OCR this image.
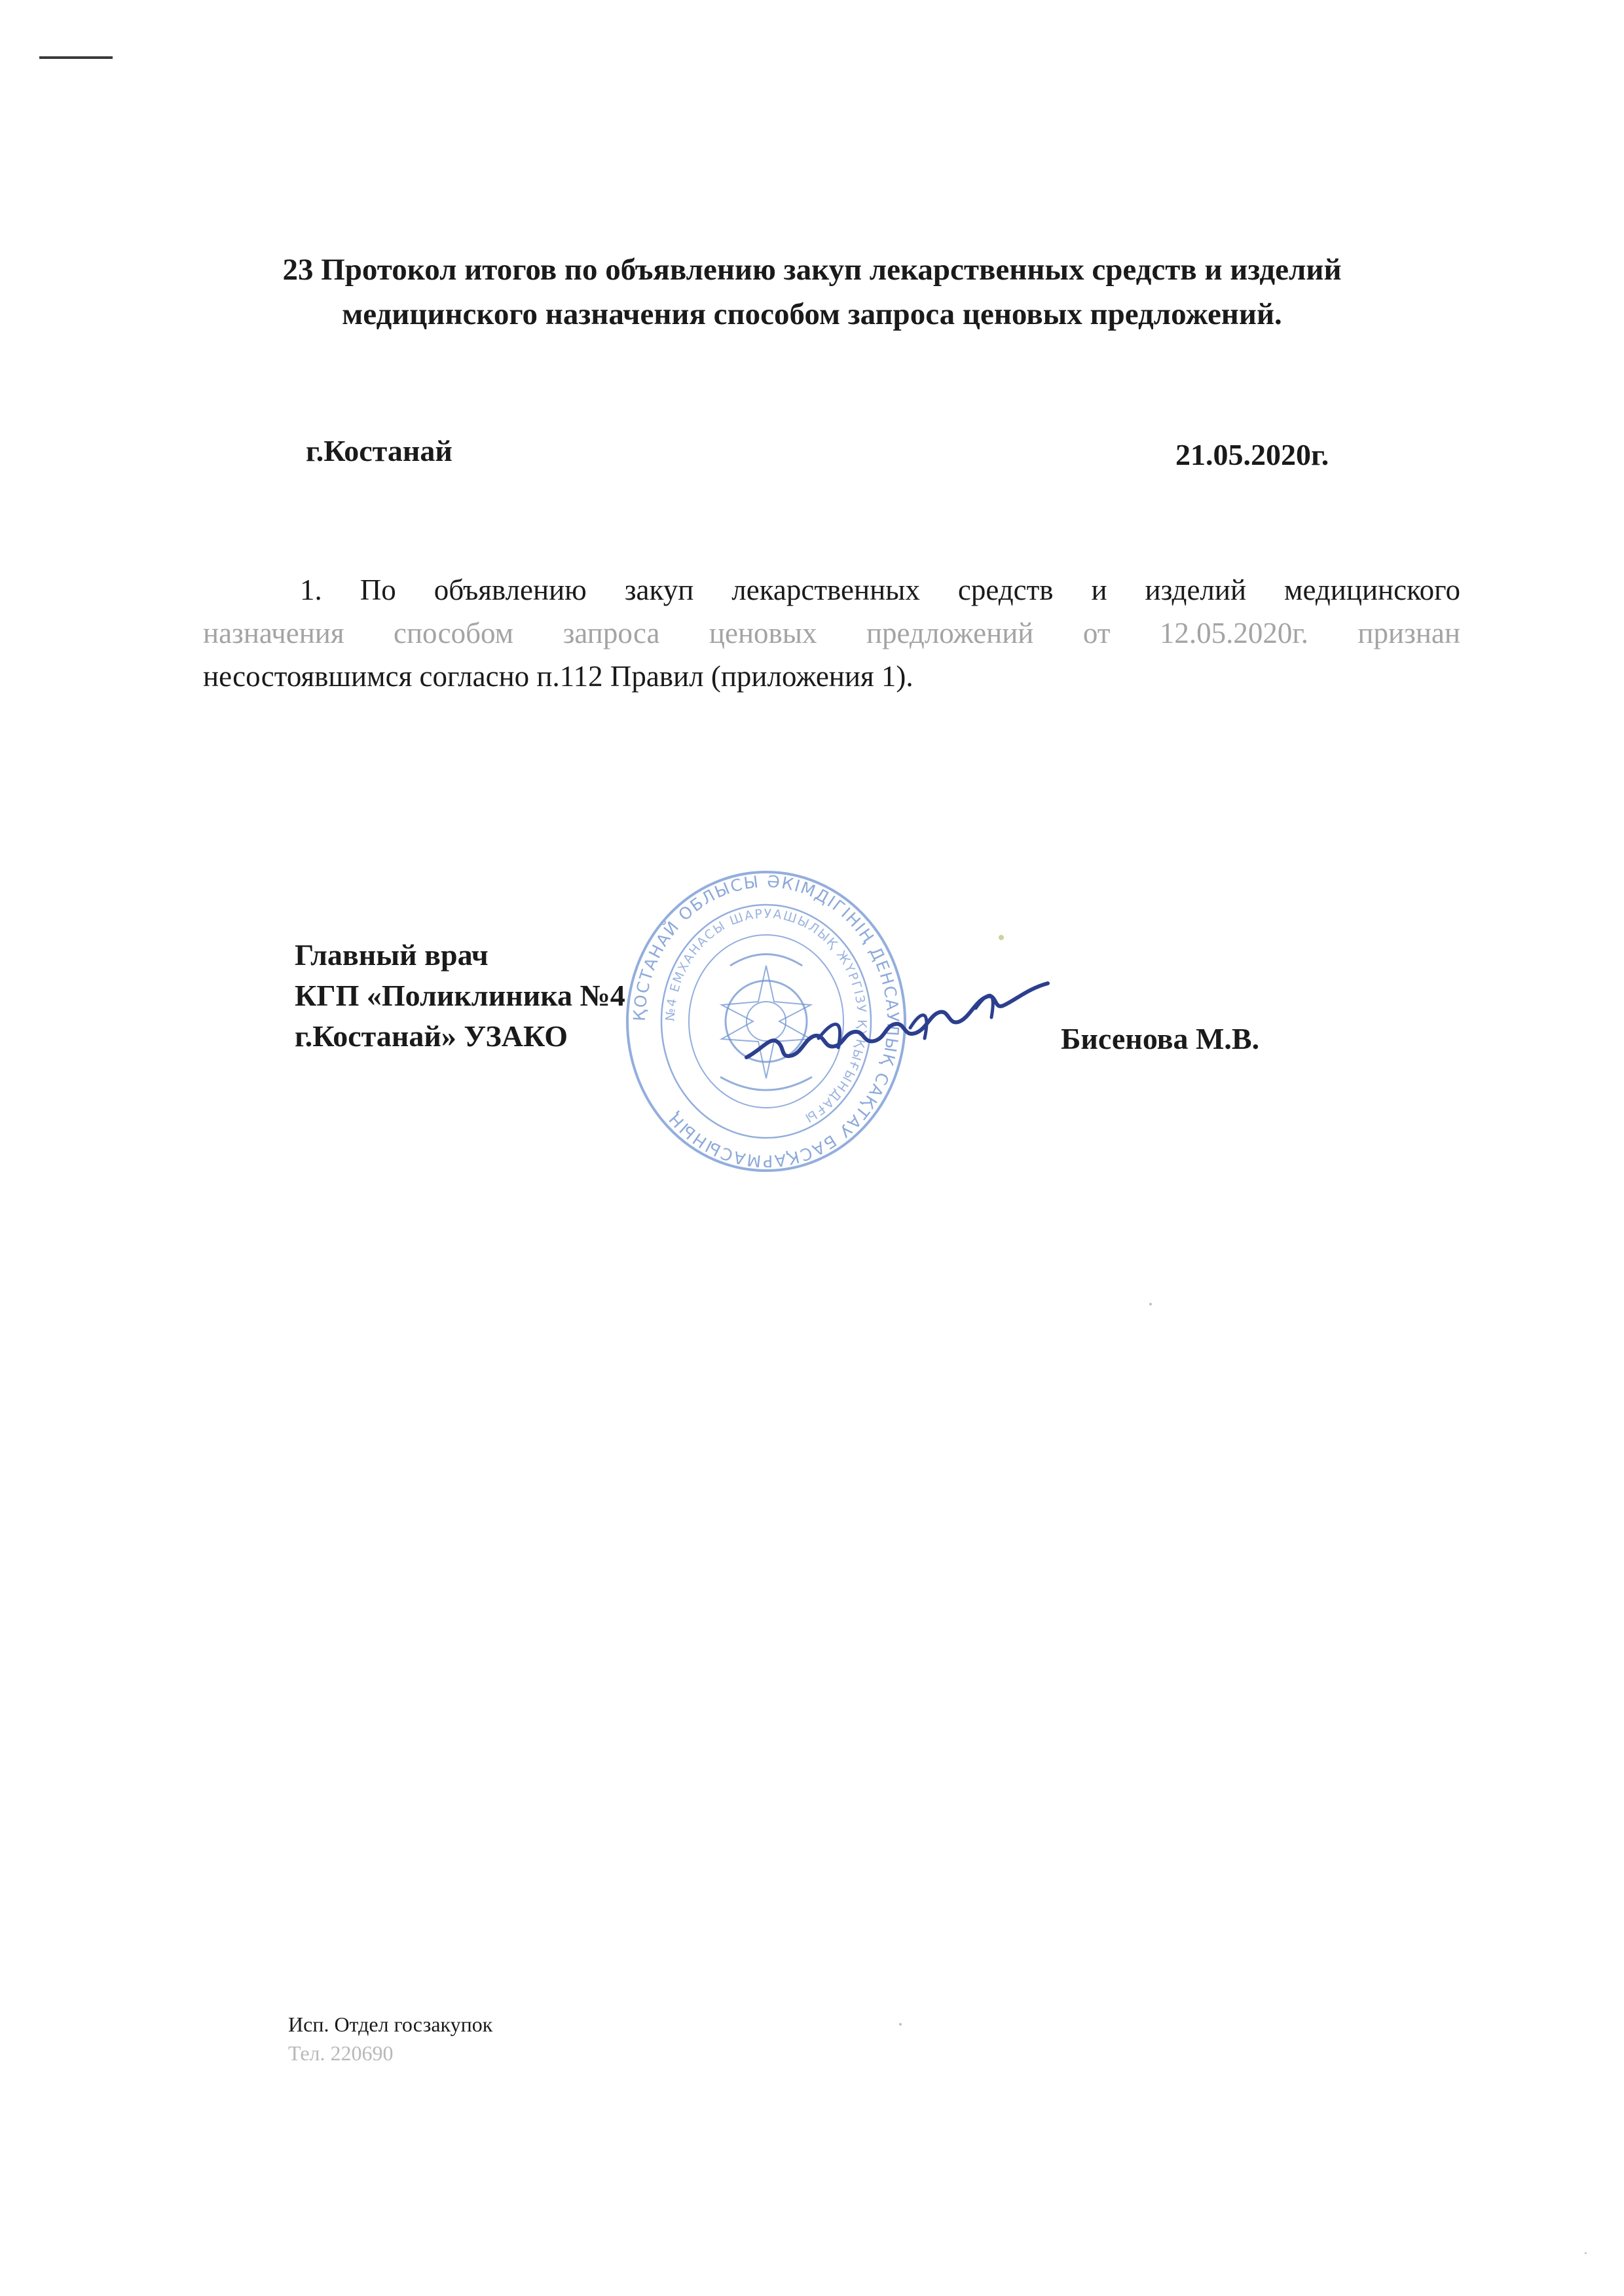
23 Протокол итогов по объявлению закуп лекарственных средств и изделий
медицинского назначения способом запроса ценовых предложений.
г.Костанай	21.05.2020г.
1. По объявлению закуп лекарственных средств и изделий медицинского
назначения способом запроса ценовых предложений от 12.05.2020г. признан
несостоявшимся согласно п.112 Правил (приложения 1).
ҚОСТАНАЙ ОБЛЫСЫ ӘКІМДІГІНІҢ ДЕНСАУЛЫҚ САҚТАУ БАСҚАРМАСЫНЫҢ
№4 ЕМХАНАСЫ ШАРУАШЫЛЫҚ ЖҮРГІЗУ ҚҰҚЫҒЫНДАҒЫ
Главный врач
КГП «Поликлиника №4
г.Костанай» УЗАКО	Бисенова М.В.
Исп. Отдел госзакупок
Тел. 220690
